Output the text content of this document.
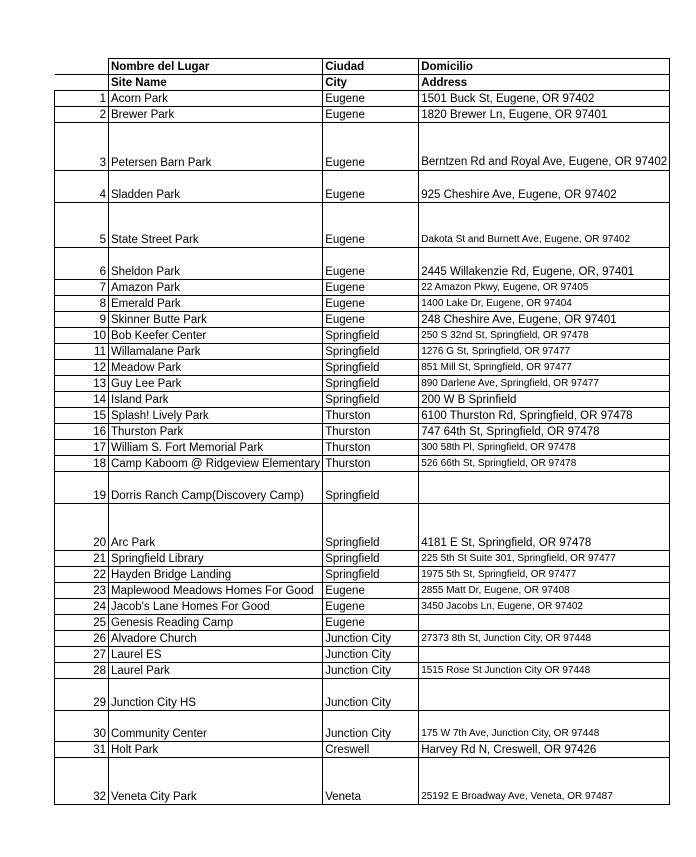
	Nombre del Lugar	Ciudad	Domicilio
	Site Name	City	Address
1	Acorn Park	Eugene	1501 Buck St, Eugene, OR 97402
2	Brewer Park	Eugene	1820 Brewer Ln, Eugene, OR 97401
3	Petersen Barn Park	Eugene	Berntzen Rd and Royal Ave, Eugene, OR 97402
4	Sladden Park	Eugene	925 Cheshire Ave, Eugene, OR 97402
5	State Street Park	Eugene	Dakota St and Burnett Ave, Eugene, OR 97402
6	Sheldon Park	Eugene	2445 Willakenzie Rd, Eugene, OR, 97401
7	Amazon Park	Eugene	22 Amazon Pkwy, Eugene, OR 97405
8	Emerald Park	Eugene	1400 Lake Dr, Eugene, OR 97404
9	Skinner Butte Park	Eugene	248 Cheshire Ave, Eugene, OR 97401
10	Bob Keefer Center	Springfield	250 S 32nd St, Springfield, OR 97478
11	Willamalane Park	Springfield	1276 G St, Springfield, OR 97477
12	Meadow Park	Springfield	851 Mill St, Springfield, OR 97477
13	Guy Lee Park	Springfield	890 Darlene Ave, Springfield, OR 97477
14	Island Park	Springfield	200 W B Sprinfield
15	Splash! Lively Park	Thurston	6100 Thurston Rd, Springfield, OR 97478
16	Thurston Park	Thurston	747 64th St, Springfield, OR 97478
17	William S. Fort Memorial Park	Thurston	300 58th Pl, Springfield, OR 97478
18	Camp Kaboom @ Ridgeview Elementary	Thurston	526 66th St, Springfield, OR 97478
19	Dorris Ranch Camp(Discovery Camp)	Springfield	
20	Arc Park	Springfield	4181 E St, Springfield, OR 97478
21	Springfield Library	Springfield	225 5th St Suite 301, Springfield, OR 97477
22	Hayden Bridge Landing	Springfield	1975 5th St, Springfield, OR 97477
23	Maplewood Meadows Homes For Good	Eugene	2855 Matt Dr, Eugene, OR 97408
24	Jacob's Lane Homes For Good	Eugene	3450 Jacobs Ln, Eugene, OR 97402
25	Genesis Reading Camp	Eugene	
26	Alvadore Church	Junction City	27373 8th St, Junction City, OR 97448
27	Laurel ES	Junction City	
28	Laurel Park	Junction City	1515 Rose St Junction City OR 97448
29	Junction City HS	Junction City	
30	Community Center	Junction City	175 W 7th Ave, Junction City, OR 97448
31	Holt Park	Creswell	Harvey Rd N, Creswell, OR 97426
32	Veneta City Park	Veneta	25192 E Broadway Ave, Veneta, OR 97487
